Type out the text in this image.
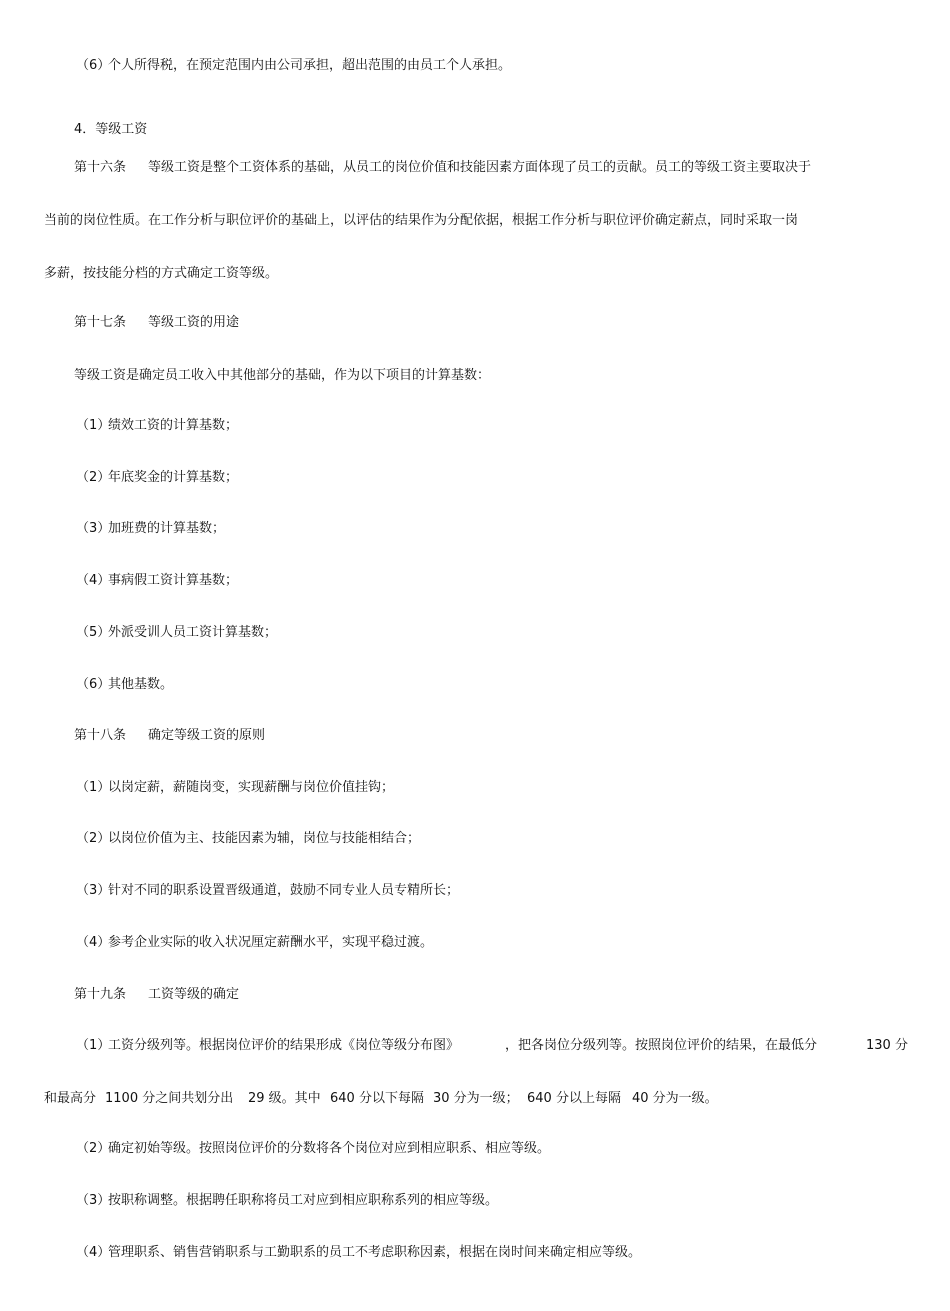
（6）个人所得税，在预定范围内由公司承担，超出范围的由员工个人承担。
4．等级工资
第十六条 等级工资是整个工资体系的基础，从员工的岗位价值和技能因素方面体现了员工的贡献。员工的等级工资主要取决于
当前的岗位性质。在工作分析与职位评价的基础上，以评估的结果作为分配依据，根据工作分析与职位评价确定薪点，同时采取一岗
多薪，按技能分档的方式确定工资等级。
第十七条 等级工资的用途
等级工资是确定员工收入中其他部分的基础，作为以下项目的计算基数：
（1）绩效工资的计算基数；
（2）年底奖金的计算基数；
（3）加班费的计算基数；
（4）事病假工资计算基数；
（5）外派受训人员工资计算基数；
（6）其他基数。
第十八条 确定等级工资的原则
（1）以岗定薪，薪随岗变，实现薪酬与岗位价值挂钩；
（2）以岗位价值为主、技能因素为辅，岗位与技能相结合；
（3）针对不同的职系设置晋级通道，鼓励不同专业人员专精所长；
（4）参考企业实际的收入状况厘定薪酬水平，实现平稳过渡。
第十九条 工资等级的确定
（1）工资分级列等。根据岗位评价的结果形成《岗位等级分布图》	，把各岗位分级列等。按照岗位评价的结果，在最低分	130 分
和最高分 1100 分之间共划分出 29 级。其中 640 分以下每隔 30 分为一级； 640 分以上每隔 40 分为一级。
（2）确定初始等级。按照岗位评价的分数将各个岗位对应到相应职系、相应等级。
（3）按职称调整。根据聘任职称将员工对应到相应职称系列的相应等级。
（4）管理职系、销售营销职系与工勤职系的员工不考虑职称因素，根据在岗时间来确定相应等级。
